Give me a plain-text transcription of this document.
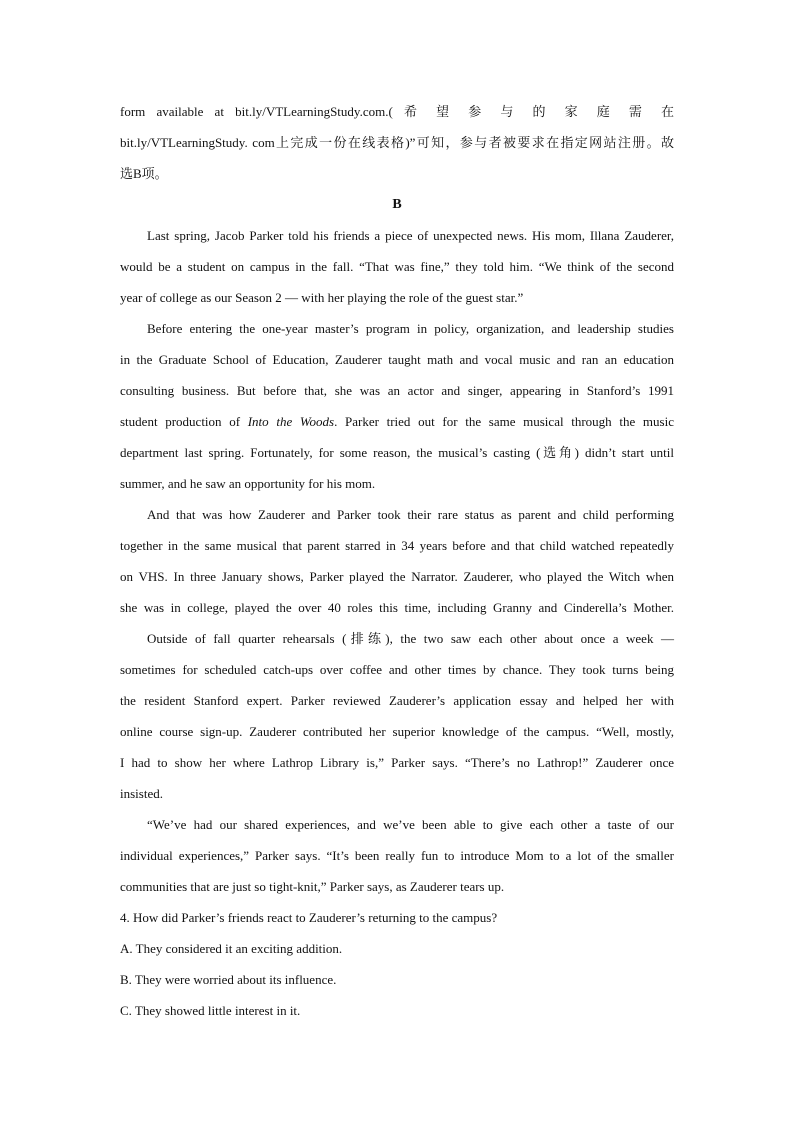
form available at bit.ly/VTLearningStudy.com.( 希 望 参 与 的 家 庭 需 在
bit.ly/VTLearningStudy. com上完成一份在线表格)”可知，参与者被要求在指定网站注册。故
选B项。
B
Last spring, Jacob Parker told his friends a piece of unexpected news. His mom, Illana Zauderer,
would be a student on campus in the fall. “That was fine,” they told him. “We think of the second
year of college as our Season 2 — with her playing the role of the guest star.”
Before entering the one-year master’s program in policy, organization, and leadership studies
in the Graduate School of Education, Zauderer taught math and vocal music and ran an education
consulting business. But before that, she was an actor and singer, appearing in Stanford’s 1991
student production of Into the Woods. Parker tried out for the same musical through the music
department last spring. Fortunately, for some reason, the musical’s casting (选角) didn’t start until
summer, and he saw an opportunity for his mom.
And that was how Zauderer and Parker took their rare status as parent and child performing
together in the same musical that parent starred in 34 years before and that child watched repeatedly
on VHS. In three January shows, Parker played the Narrator. Zauderer, who played the Witch when
she was in college, played the over 40 roles this time, including Granny and Cinderella’s Mother.
Outside of fall quarter rehearsals (排练), the two saw each other about once a week —
sometimes for scheduled catch-ups over coffee and other times by chance. They took turns being
the resident Stanford expert. Parker reviewed Zauderer’s application essay and helped her with
online course sign-up. Zauderer contributed her superior knowledge of the campus. “Well, mostly,
I had to show her where Lathrop Library is,” Parker says. “There’s no Lathrop!” Zauderer once
insisted.
“We’ve had our shared experiences, and we’ve been able to give each other a taste of our
individual experiences,” Parker says. “It’s been really fun to introduce Mom to a lot of the smaller
communities that are just so tight-knit,” Parker says, as Zauderer tears up.
4. How did Parker’s friends react to Zauderer’s returning to the campus?
A. They considered it an exciting addition.
B. They were worried about its influence.
C. They showed little interest in it.
